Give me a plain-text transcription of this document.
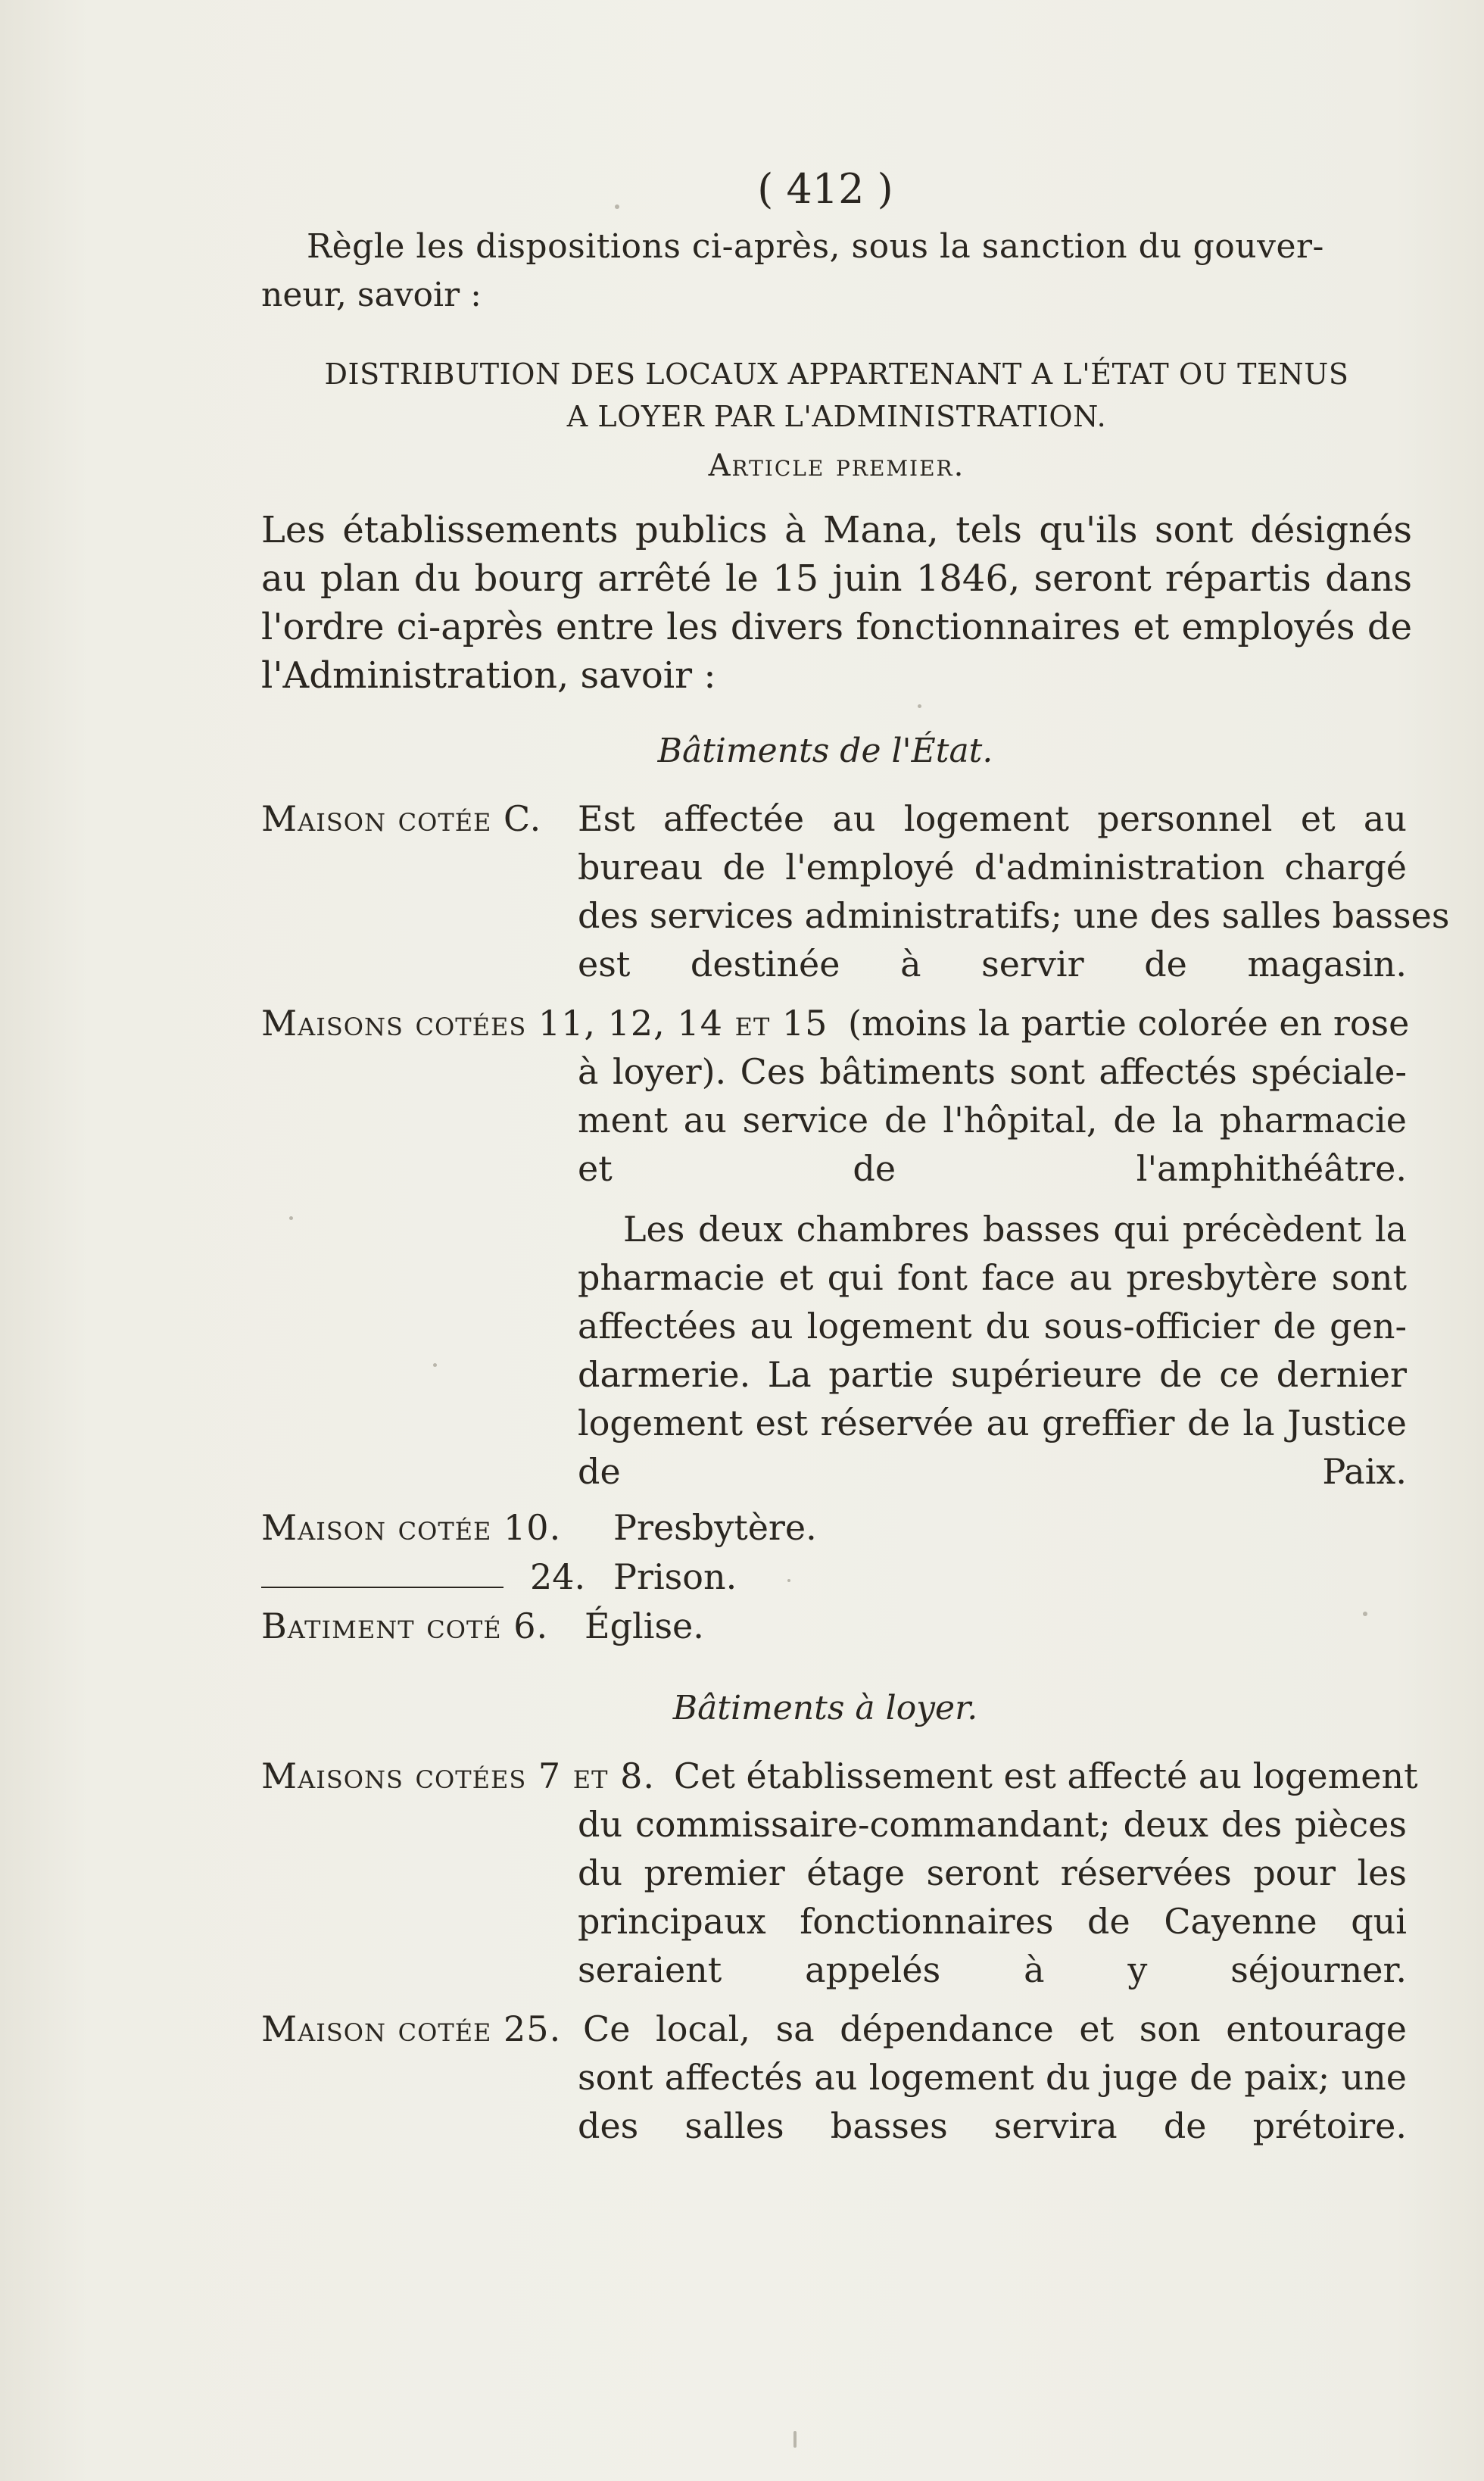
( 412 )
Règle les dispositions ci-après, sous la sanction du gouver-
neur, savoir :
DISTRIBUTION DES LOCAUX APPARTENANT A L'ÉTAT OU TENUS
A LOYER PAR L'ADMINISTRATION.
Article premier.
Les établissements publics à Mana, tels qu'ils sont désignés
au plan du bourg arrêté le 15 juin 1846, seront répartis dans
l'ordre ci-après entre les divers fonctionnaires et employés de
l'Administration, savoir :
Bâtiments de l'État.
Maison cotée C. Est affectée au logement personnel et au
bureau de l'employé d'administration chargé
des services administratifs; une des salles basses
est destinée à servir de magasin.
Maisons cotées 11, 12, 14 et 15 (moins la partie colorée en rose
à loyer). Ces bâtiments sont affectés spéciale-
ment au service de l'hôpital, de la pharmacie
et de l'amphithéâtre.
Les deux chambres basses qui précèdent la
pharmacie et qui font face au presbytère sont
affectées au logement du sous-officier de gen-
darmerie. La partie supérieure de ce dernier
logement est réservée au greffier de la Justice
de Paix.
Maison cotée 10. Presbytère.
24. Prison.
Batiment coté 6. Église.
Bâtiments à loyer.
Maisons cotées 7 et 8. Cet établissement est affecté au logement
du commissaire-commandant; deux des pièces
du premier étage seront réservées pour les
principaux fonctionnaires de Cayenne qui
seraient appelés à y séjourner.
Maison cotée 25. Ce local, sa dépendance et son entourage
sont affectés au logement du juge de paix; une
des salles basses servira de prétoire.
